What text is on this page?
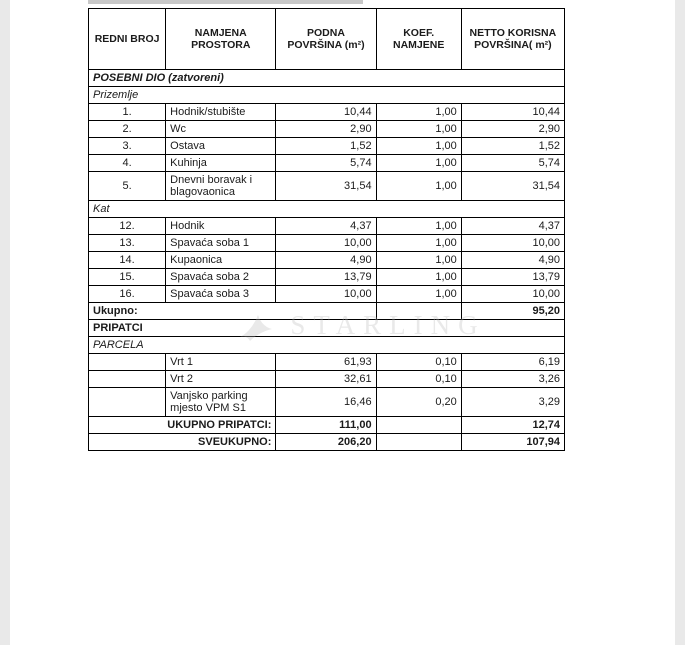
REDNI BROJ	NAMJENA PROSTORA	PODNA POVRŠINA (m²)	KOEF. NAMJENE	NETTO KORISNA POVRŠINA( m²)
POSEBNI DIO (zatvoreni)				
Prizemlje				
1.	Hodnik/stubište	10,44	1,00	10,44
2.	Wc	2,90	1,00	2,90
3.	Ostava	1,52	1,00	1,52
4.	Kuhinja	5,74	1,00	5,74
5.	Dnevni boravak i blagovaonica	31,54	1,00	31,54
Kat				
12.	Hodnik	4,37	1,00	4,37
13.	Spavaća soba 1	10,00	1,00	10,00
14.	Kupaonica	4,90	1,00	4,90
15.	Spavaća soba 2	13,79	1,00	13,79
16.	Spavaća soba 3	10,00	1,00	10,00
Ukupno:				95,20
PRIPATCI				
PARCELA				
	Vrt 1	61,93	0,10	6,19
	Vrt 2	32,61	0,10	3,26
	Vanjsko parking mjesto VPM S1	16,46	0,20	3,29
UKUPNO PRIPATCI:		111,00		12,74
SVEUKUPNO:		206,20		107,94
STARLING
